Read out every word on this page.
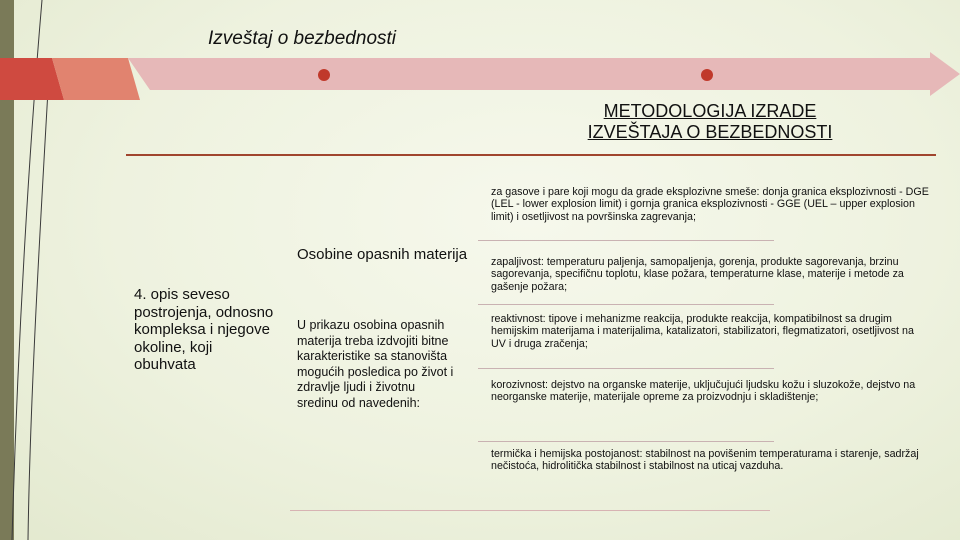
Izveštaj o bezbednosti
METODOLOGIJA IZRADE
IZVEŠTAJA O BEZBEDNOSTI
4. opis seveso postrojenja, odnosno kompleksa i njegove okoline, koji obuhvata
Osobine opasnih materija
U prikazu osobina opasnih materija treba izdvojiti bitne karakteristike sa stanovišta mogućih posledica po život i zdravlje ljudi i životnu sredinu od navedenih:
za gasove i pare koji mogu da grade eksplozivne smeše: donja granica eksplozivnosti - DGE (LEL - lower explosion limit) i gornja granica eksplozivnosti - GGE (UEL – upper explosion limit) i osetljivost na površinska zagrevanja;
zapaljivost: temperaturu paljenja, samopaljenja, gorenja, produkte sagorevanja, brzinu sagorevanja, specifičnu toplotu, klase požara, temperaturne klase, materije i metode za gašenje požara;
reaktivnost: tipove i mehanizme reakcija, produkte reakcija, kompatibilnost sa drugim hemijskim materijama i materijalima, katalizatori, stabilizatori, flegmatizatori, osetljivost na UV i druga zračenja;
korozivnost: dejstvo na organske materije, uključujući ljudsku kožu i sluzokože, dejstvo na neorganske materije, materijale opreme za proizvodnju i skladištenje;
termička i hemijska postojanost: stabilnost na povišenim temperaturama i starenje, sadržaj nečistoća, hidrolitička stabilnost i stabilnost na uticaj vazduha.
